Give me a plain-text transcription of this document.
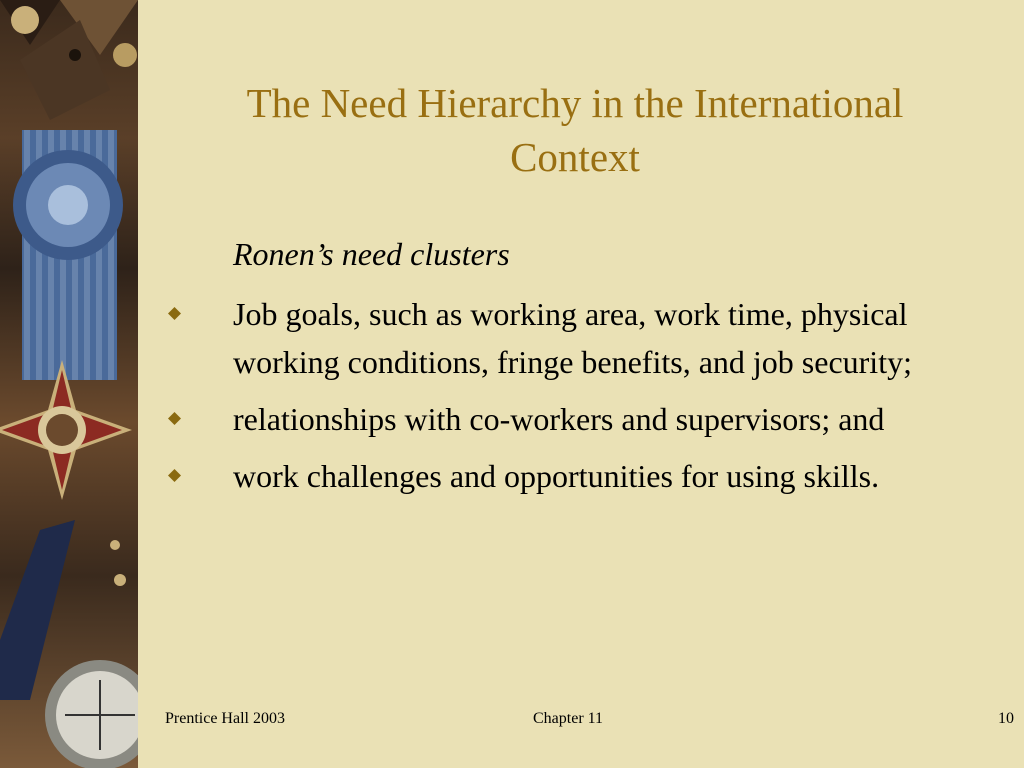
The Need Hierarchy in the International
Context
Ronen’s need clusters
Job goals, such as working area, work time, physical working conditions, fringe benefits, and job security;
relationships with co-workers and supervisors; and
work challenges and opportunities for using skills.
Prentice Hall 2003	Chapter 11	10
